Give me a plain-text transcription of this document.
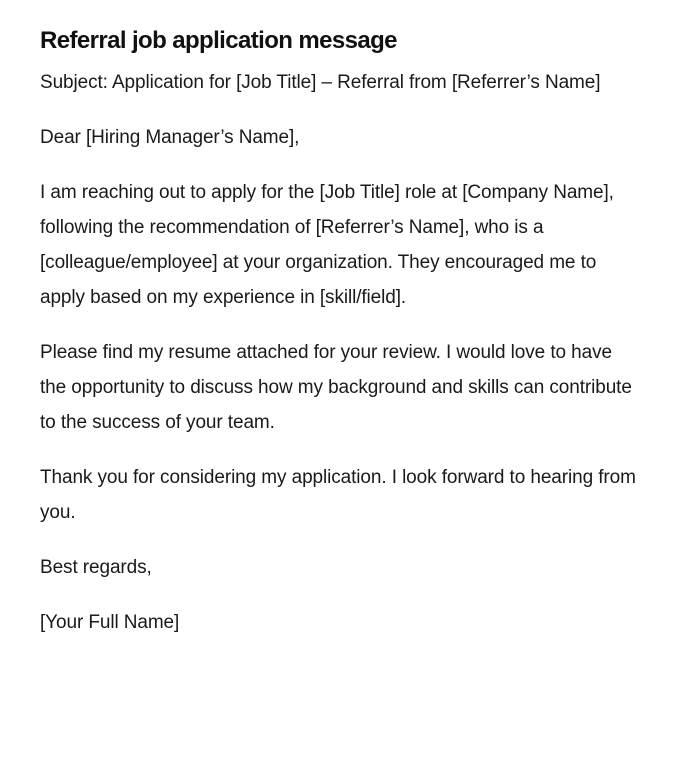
Referral job application message

Subject: Application for [Job Title] – Referral from [Referrer’s Name]

Dear [Hiring Manager’s Name],

I am reaching out to apply for the [Job Title] role at [Company Name], following the recommendation of [Referrer’s Name], who is a [colleague/employee] at your organization. They encouraged me to apply based on my experience in [skill/field].

Please find my resume attached for your review. I would love to have the opportunity to discuss how my background and skills can contribute to the success of your team.

Thank you for considering my application. I look forward to hearing from you.

Best regards,

[Your Full Name]
